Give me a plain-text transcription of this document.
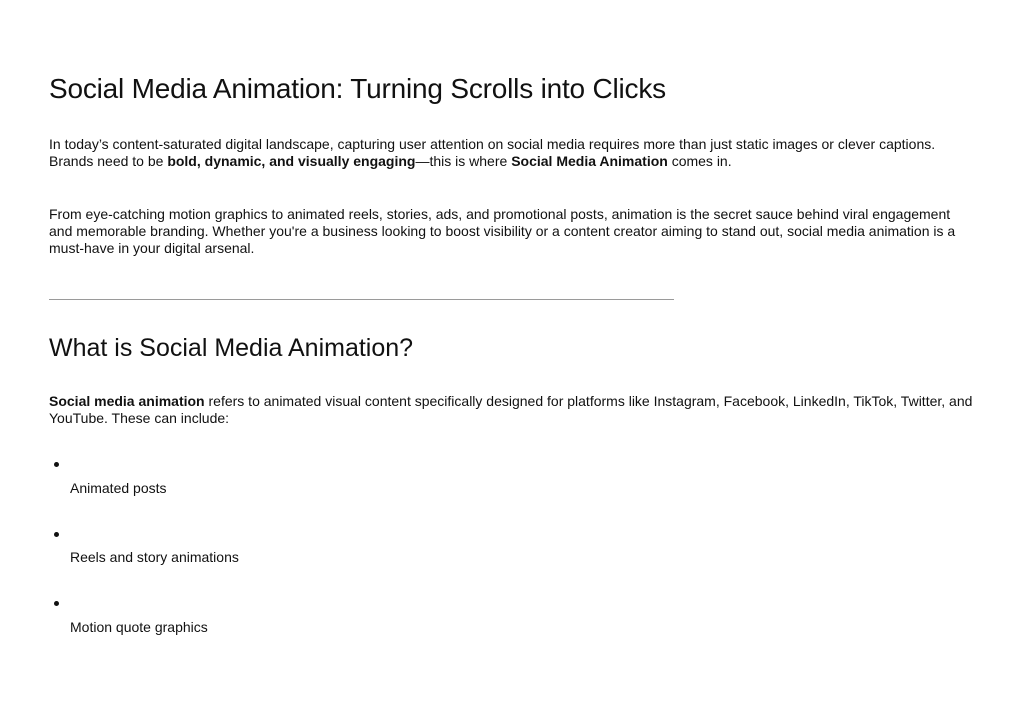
Social Media Animation: Turning Scrolls into Clicks

In today’s content-saturated digital landscape, capturing user attention on social media requires more than just static images or clever captions. Brands need to be bold, dynamic, and visually engaging—this is where Social Media Animation comes in.

From eye-catching motion graphics to animated reels, stories, ads, and promotional posts, animation is the secret sauce behind viral engagement and memorable branding. Whether you're a business looking to boost visibility or a content creator aiming to stand out, social media animation is a must-have in your digital arsenal.

What is Social Media Animation?

Social media animation refers to animated visual content specifically designed for platforms like Instagram, Facebook, LinkedIn, TikTok, Twitter, and YouTube. These can include:

Animated posts
Reels and story animations
Motion quote graphics
